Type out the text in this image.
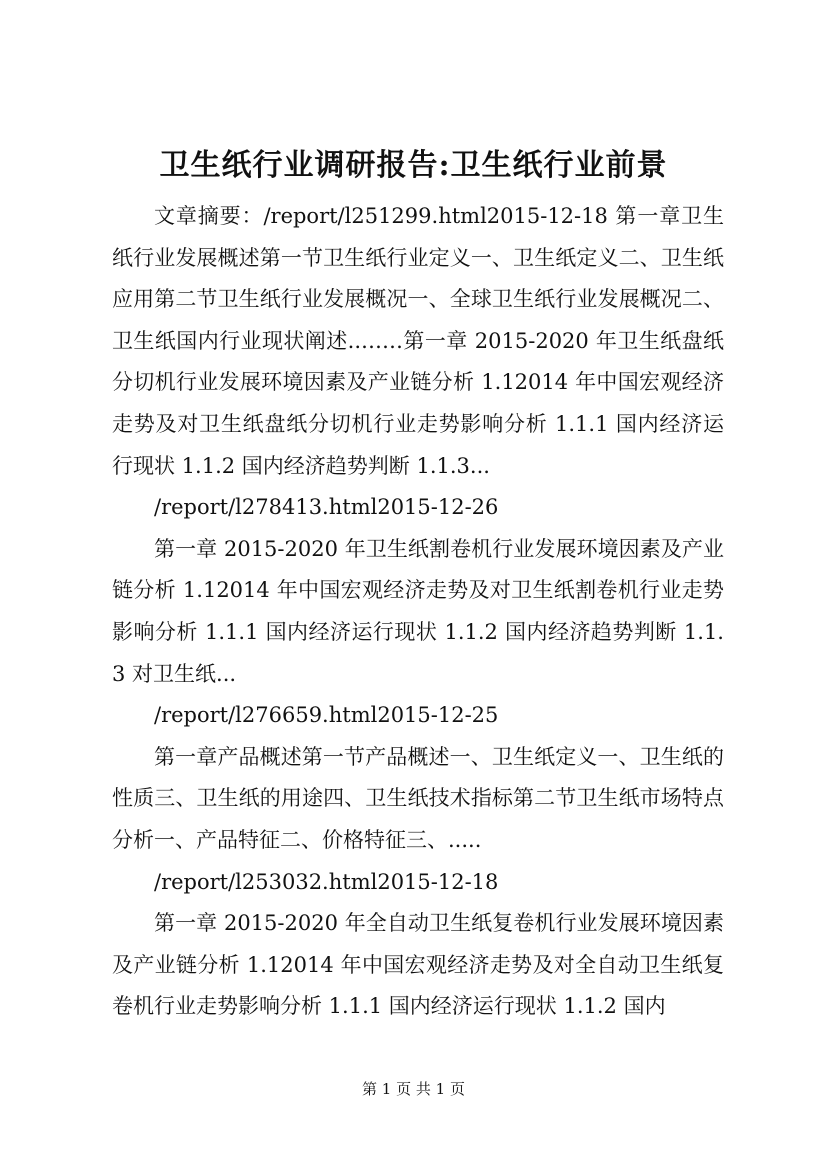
卫生纸行业调研报告:卫生纸行业前景

文章摘要：/report/l251299.html2015-12-18 第一章卫生纸行业发展概述第一节卫生纸行业定义一、卫生纸定义二、卫生纸应用第二节卫生纸行业发展概况一、全球卫生纸行业发展概况二、卫生纸国内行业现状阐述..……第一章 2015-2020 年卫生纸盘纸分切机行业发展环境因素及产业链分析 1.12014 年中国宏观经济走势及对卫生纸盘纸分切机行业走势影响分析 1.1.1 国内经济运行现状 1.1.2 国内经济趋势判断 1.1.3...

/report/l278413.html2015-12-26

第一章 2015-2020 年卫生纸割卷机行业发展环境因素及产业链分析 1.12014 年中国宏观经济走势及对卫生纸割卷机行业走势影响分析 1.1.1 国内经济运行现状 1.1.2 国内经济趋势判断 1.1.3 对卫生纸...

/report/l276659.html2015-12-25

第一章产品概述第一节产品概述一、卫生纸定义一、卫生纸的性质三、卫生纸的用途四、卫生纸技术指标第二节卫生纸市场特点分析一、产品特征二、价格特征三、.....

/report/l253032.html2015-12-18

第一章 2015-2020 年全自动卫生纸复卷机行业发展环境因素及产业链分析 1.12014 年中国宏观经济走势及对全自动卫生纸复卷机行业走势影响分析 1.1.1 国内经济运行现状 1.1.2 国内

第 1 页 共 1 页
